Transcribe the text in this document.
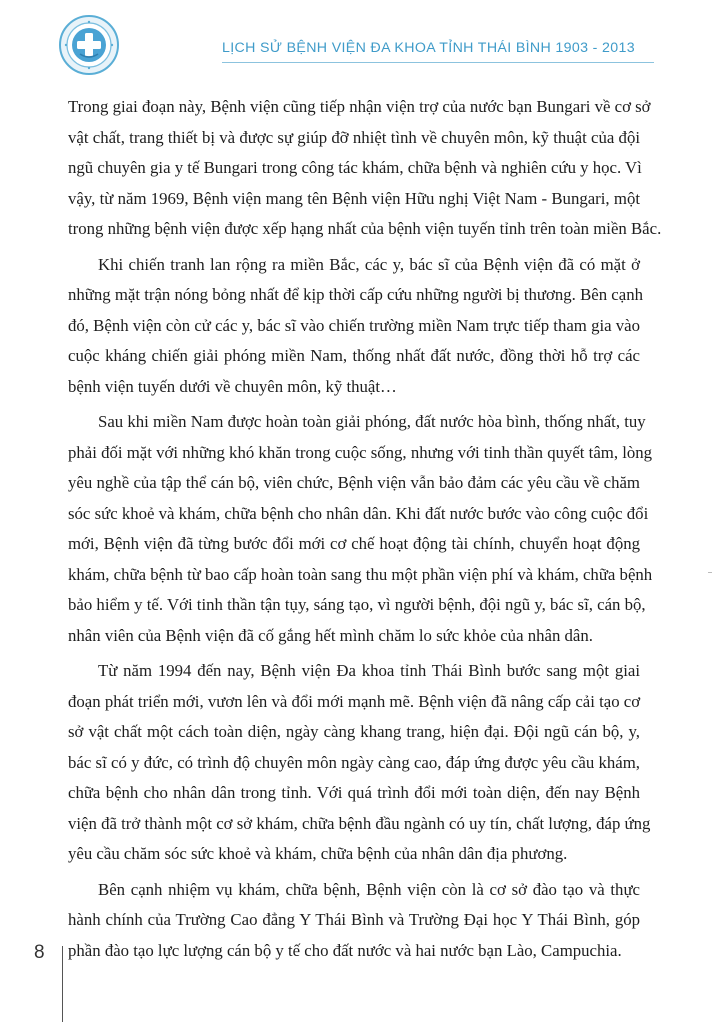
LỊCH SỬ BỆNH VIỆN ĐA KHOA TỈNH THÁI BÌNH 1903 - 2013
Trong giai đoạn này, Bệnh viện cũng tiếp nhận viện trợ của nước bạn Bungari về cơ sở
vật chất, trang thiết bị và được sự giúp đỡ nhiệt tình về chuyên môn, kỹ thuật của đội
ngũ chuyên gia y tế Bungari trong công tác khám, chữa bệnh và nghiên cứu y học. Vì
vậy, từ năm 1969, Bệnh viện mang tên Bệnh viện Hữu nghị Việt Nam - Bungari, một
trong những bệnh viện được xếp hạng nhất của bệnh viện tuyến tỉnh trên toàn miền Bắc.
Khi chiến tranh lan rộng ra miền Bắc, các y, bác sĩ của Bệnh viện đã có mặt ở
những mặt trận nóng bỏng nhất để kịp thời cấp cứu những người bị thương. Bên cạnh
đó, Bệnh viện còn cử các y, bác sĩ vào chiến trường miền Nam trực tiếp tham gia vào
cuộc kháng chiến giải phóng miền Nam, thống nhất đất nước, đồng thời hỗ trợ các
bệnh viện tuyến dưới về chuyên môn, kỹ thuật…
Sau khi miền Nam được hoàn toàn giải phóng, đất nước hòa bình, thống nhất, tuy
phải đối mặt với những khó khăn trong cuộc sống, nhưng với tinh thần quyết tâm, lòng
yêu nghề của tập thể cán bộ, viên chức, Bệnh viện vẫn bảo đảm các yêu cầu về chăm
sóc sức khoẻ và khám, chữa bệnh cho nhân dân. Khi đất nước bước vào công cuộc đổi
mới, Bệnh viện đã từng bước đổi mới cơ chế hoạt động tài chính, chuyển hoạt động
khám, chữa bệnh từ bao cấp hoàn toàn sang thu một phần viện phí và khám, chữa bệnh
bảo hiểm y tế. Với tinh thần tận tụy, sáng tạo, vì người bệnh, đội ngũ y, bác sĩ, cán bộ,
nhân viên của Bệnh viện đã cố gắng hết mình chăm lo sức khỏe của nhân dân.
Từ năm 1994 đến nay, Bệnh viện Đa khoa tỉnh Thái Bình bước sang một giai
đoạn phát triển mới, vươn lên và đổi mới mạnh mẽ. Bệnh viện đã nâng cấp cải tạo cơ
sở vật chất một cách toàn diện, ngày càng khang trang, hiện đại. Đội ngũ cán bộ, y,
bác sĩ có y đức, có trình độ chuyên môn ngày càng cao, đáp ứng được yêu cầu khám,
chữa bệnh cho nhân dân trong tỉnh. Với quá trình đổi mới toàn diện, đến nay Bệnh
viện đã trở thành một cơ sở khám, chữa bệnh đầu ngành có uy tín, chất lượng, đáp ứng
yêu cầu chăm sóc sức khoẻ và khám, chữa bệnh của nhân dân địa phương.
Bên cạnh nhiệm vụ khám, chữa bệnh, Bệnh viện còn là cơ sở đào tạo và thực
hành chính của Trường Cao đẳng Y Thái Bình và Trường Đại học Y Thái Bình, góp
phần đào tạo lực lượng cán bộ y tế cho đất nước và hai nước bạn Lào, Campuchia.
8
